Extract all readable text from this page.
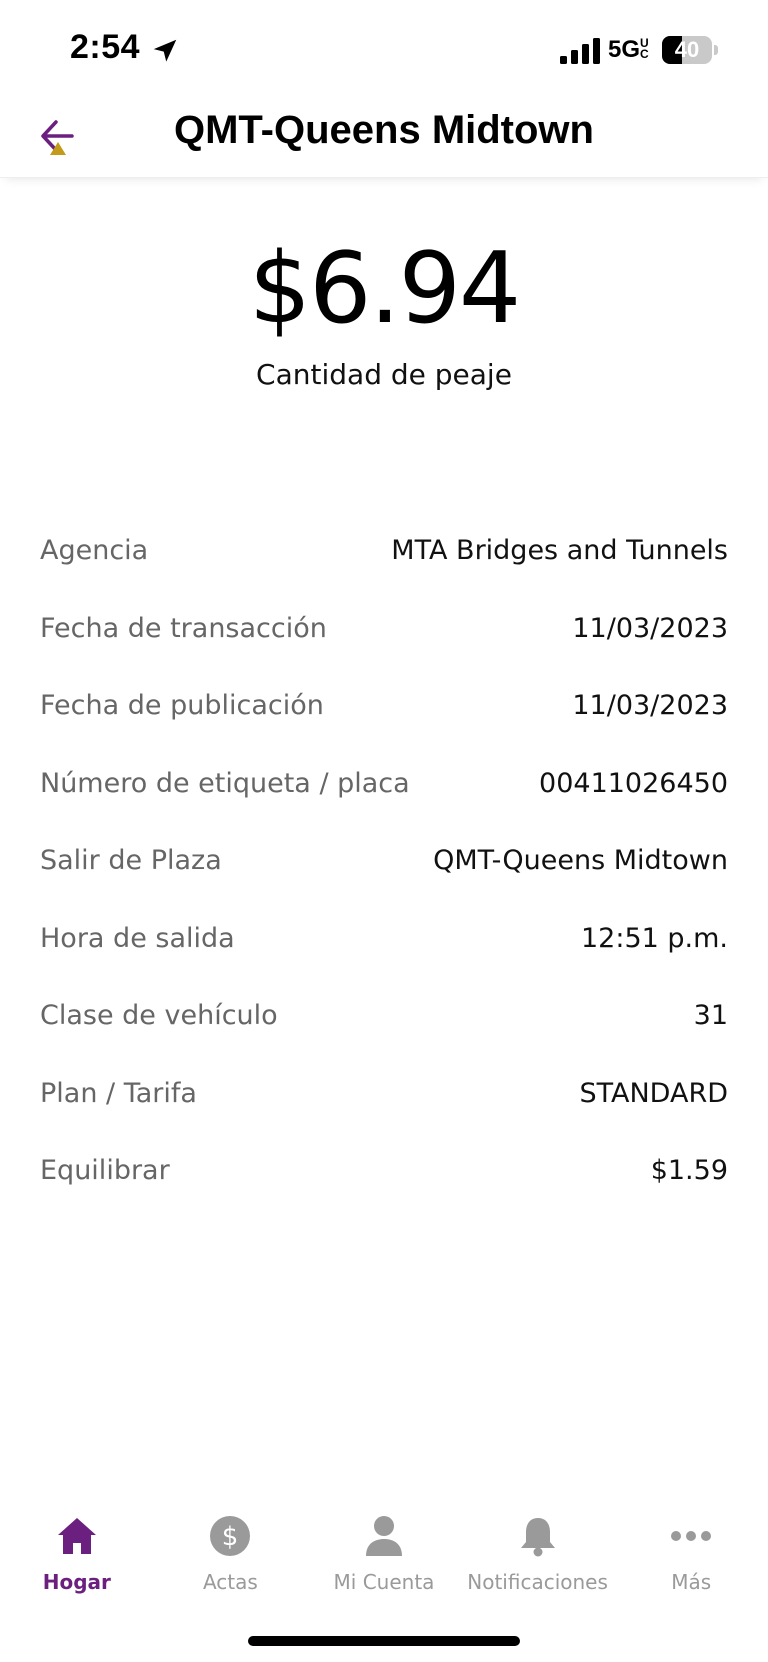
2:54	5GUC	40
QMT-Queens Midtown
$6.94
Cantidad de peaje
Agencia	MTA Bridges and Tunnels
Fecha de transacción	11/03/2023
Fecha de publicación	11/03/2023
Número de etiqueta / placa	00411026450
Salir de Plaza	QMT-Queens Midtown
Hora de salida	12:51 p.m.
Clase de vehículo	31
Plan / Tarifa	STANDARD
Equilibrar	$1.59
Hogar
$
Actas	Mi Cuenta Notificaciones	Más
